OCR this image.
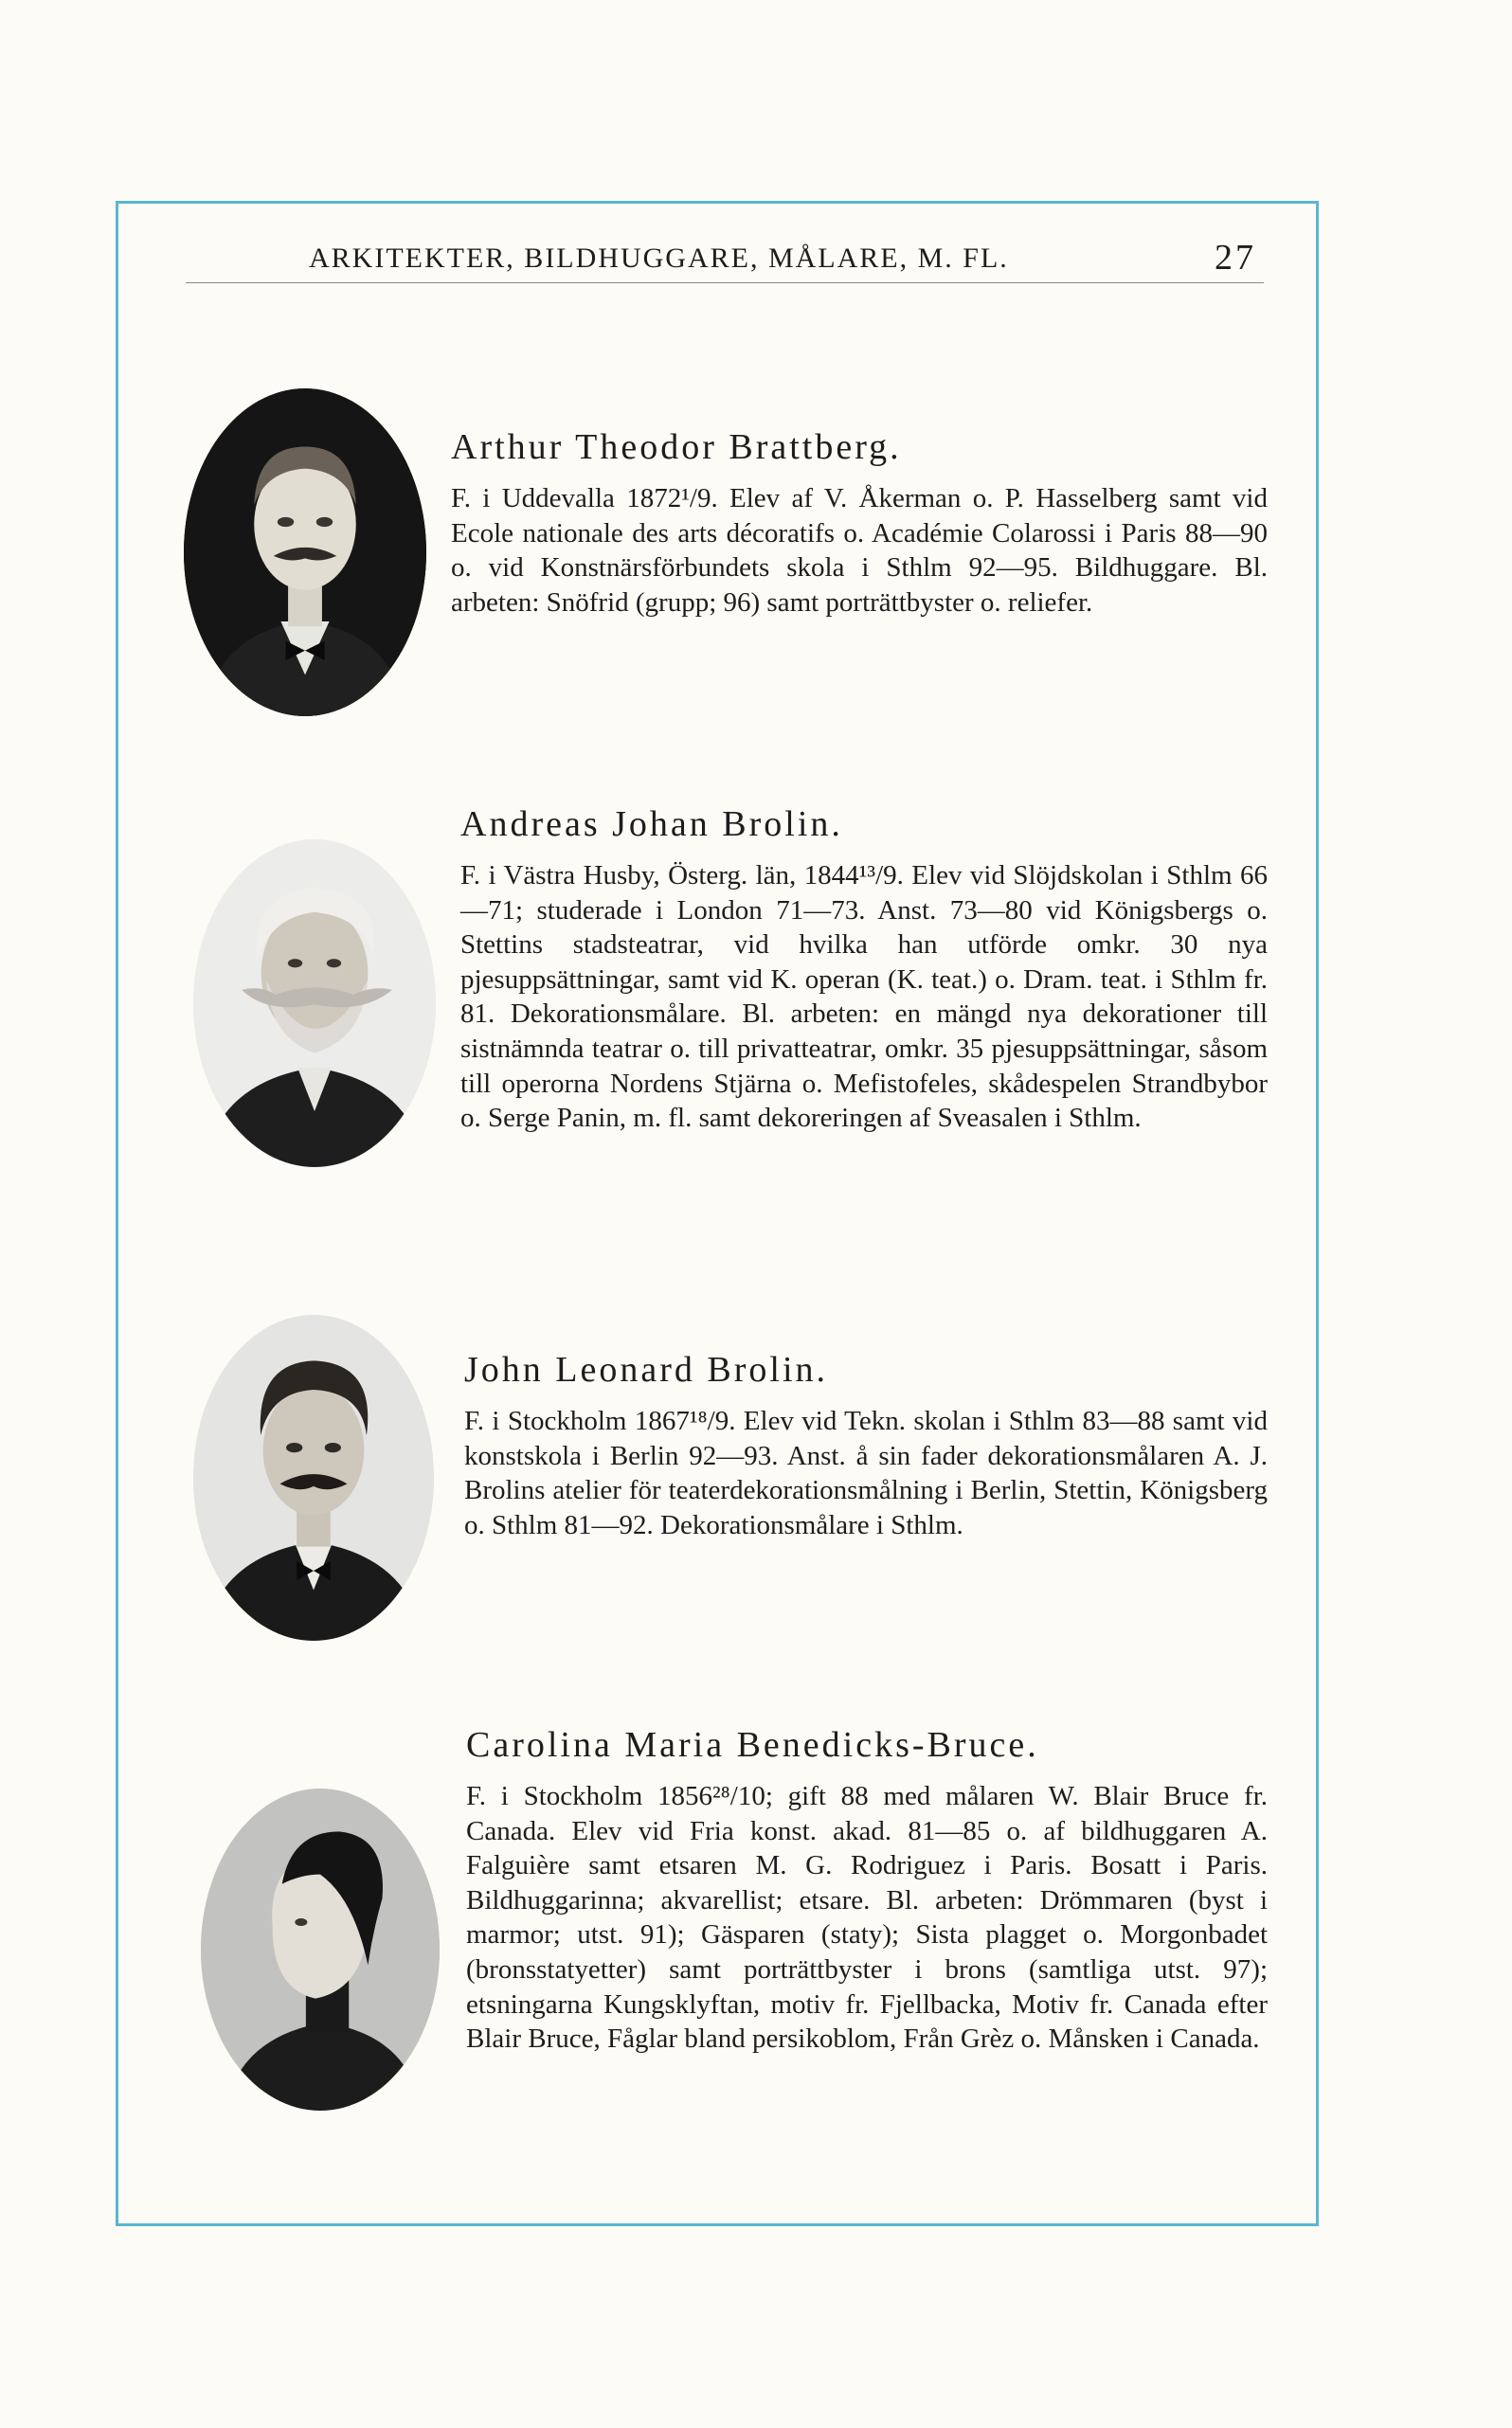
ARKITEKTER, BILDHUGGARE, MÅLARE, M. FL.	27
Arthur Theodor Brattberg.

F. i Uddevalla 1872¹/9. Elev af V. Åkerman o. P. Hasselberg samt vid Ecole nationale des arts décoratifs o. Académie Colarossi i Paris 88—90 o. vid Konstnärsförbundets skola i Sthlm 92—95. Bildhuggare. Bl. arbeten: Snöfrid (grupp; 96) samt porträttbyster o. reliefer.

Andreas Johan Brolin.

F. i Västra Husby, Österg. län, 1844¹³/9. Elev vid Slöjdskolan i Sthlm 66—71; studerade i London 71—73. Anst. 73—80 vid Königsbergs o. Stettins stadsteatrar, vid hvilka han utförde omkr. 30 nya pjesuppsättningar, samt vid K. operan (K. teat.) o. Dram. teat. i Sthlm fr. 81. Dekorationsmålare. Bl. arbeten: en mängd nya dekorationer till sistnämnda teatrar o. till privatteatrar, omkr. 35 pjesuppsättningar, såsom till operorna Nordens Stjärna o. Mefistofeles, skådespelen Strandbybor o. Serge Panin, m. fl. samt dekoreringen af Sveasalen i Sthlm.

John Leonard Brolin.

F. i Stockholm 1867¹⁸/9. Elev vid Tekn. skolan i Sthlm 83—88 samt vid konstskola i Berlin 92—93. Anst. å sin fader dekorationsmålaren A. J. Brolins atelier för teaterdekorationsmålning i Berlin, Stettin, Königsberg o. Sthlm 81—92. Dekorationsmålare i Sthlm.

Carolina Maria Benedicks-Bruce.

F. i Stockholm 1856²⁸/10; gift 88 med målaren W. Blair Bruce fr. Canada. Elev vid Fria konst. akad. 81—85 o. af bildhuggaren A. Falguière samt etsaren M. G. Rodriguez i Paris. Bosatt i Paris. Bildhuggarinna; akvarellist; etsare. Bl. arbeten: Drömmaren (byst i marmor; utst. 91); Gäsparen (staty); Sista plagget o. Morgonbadet (bronsstatyetter) samt porträttbyster i brons (samtliga utst. 97); etsningarna Kungsklyftan, motiv fr. Fjellbacka, Motiv fr. Canada efter Blair Bruce, Fåglar bland persikoblom, Från Grèz o. Månsken i Canada.
